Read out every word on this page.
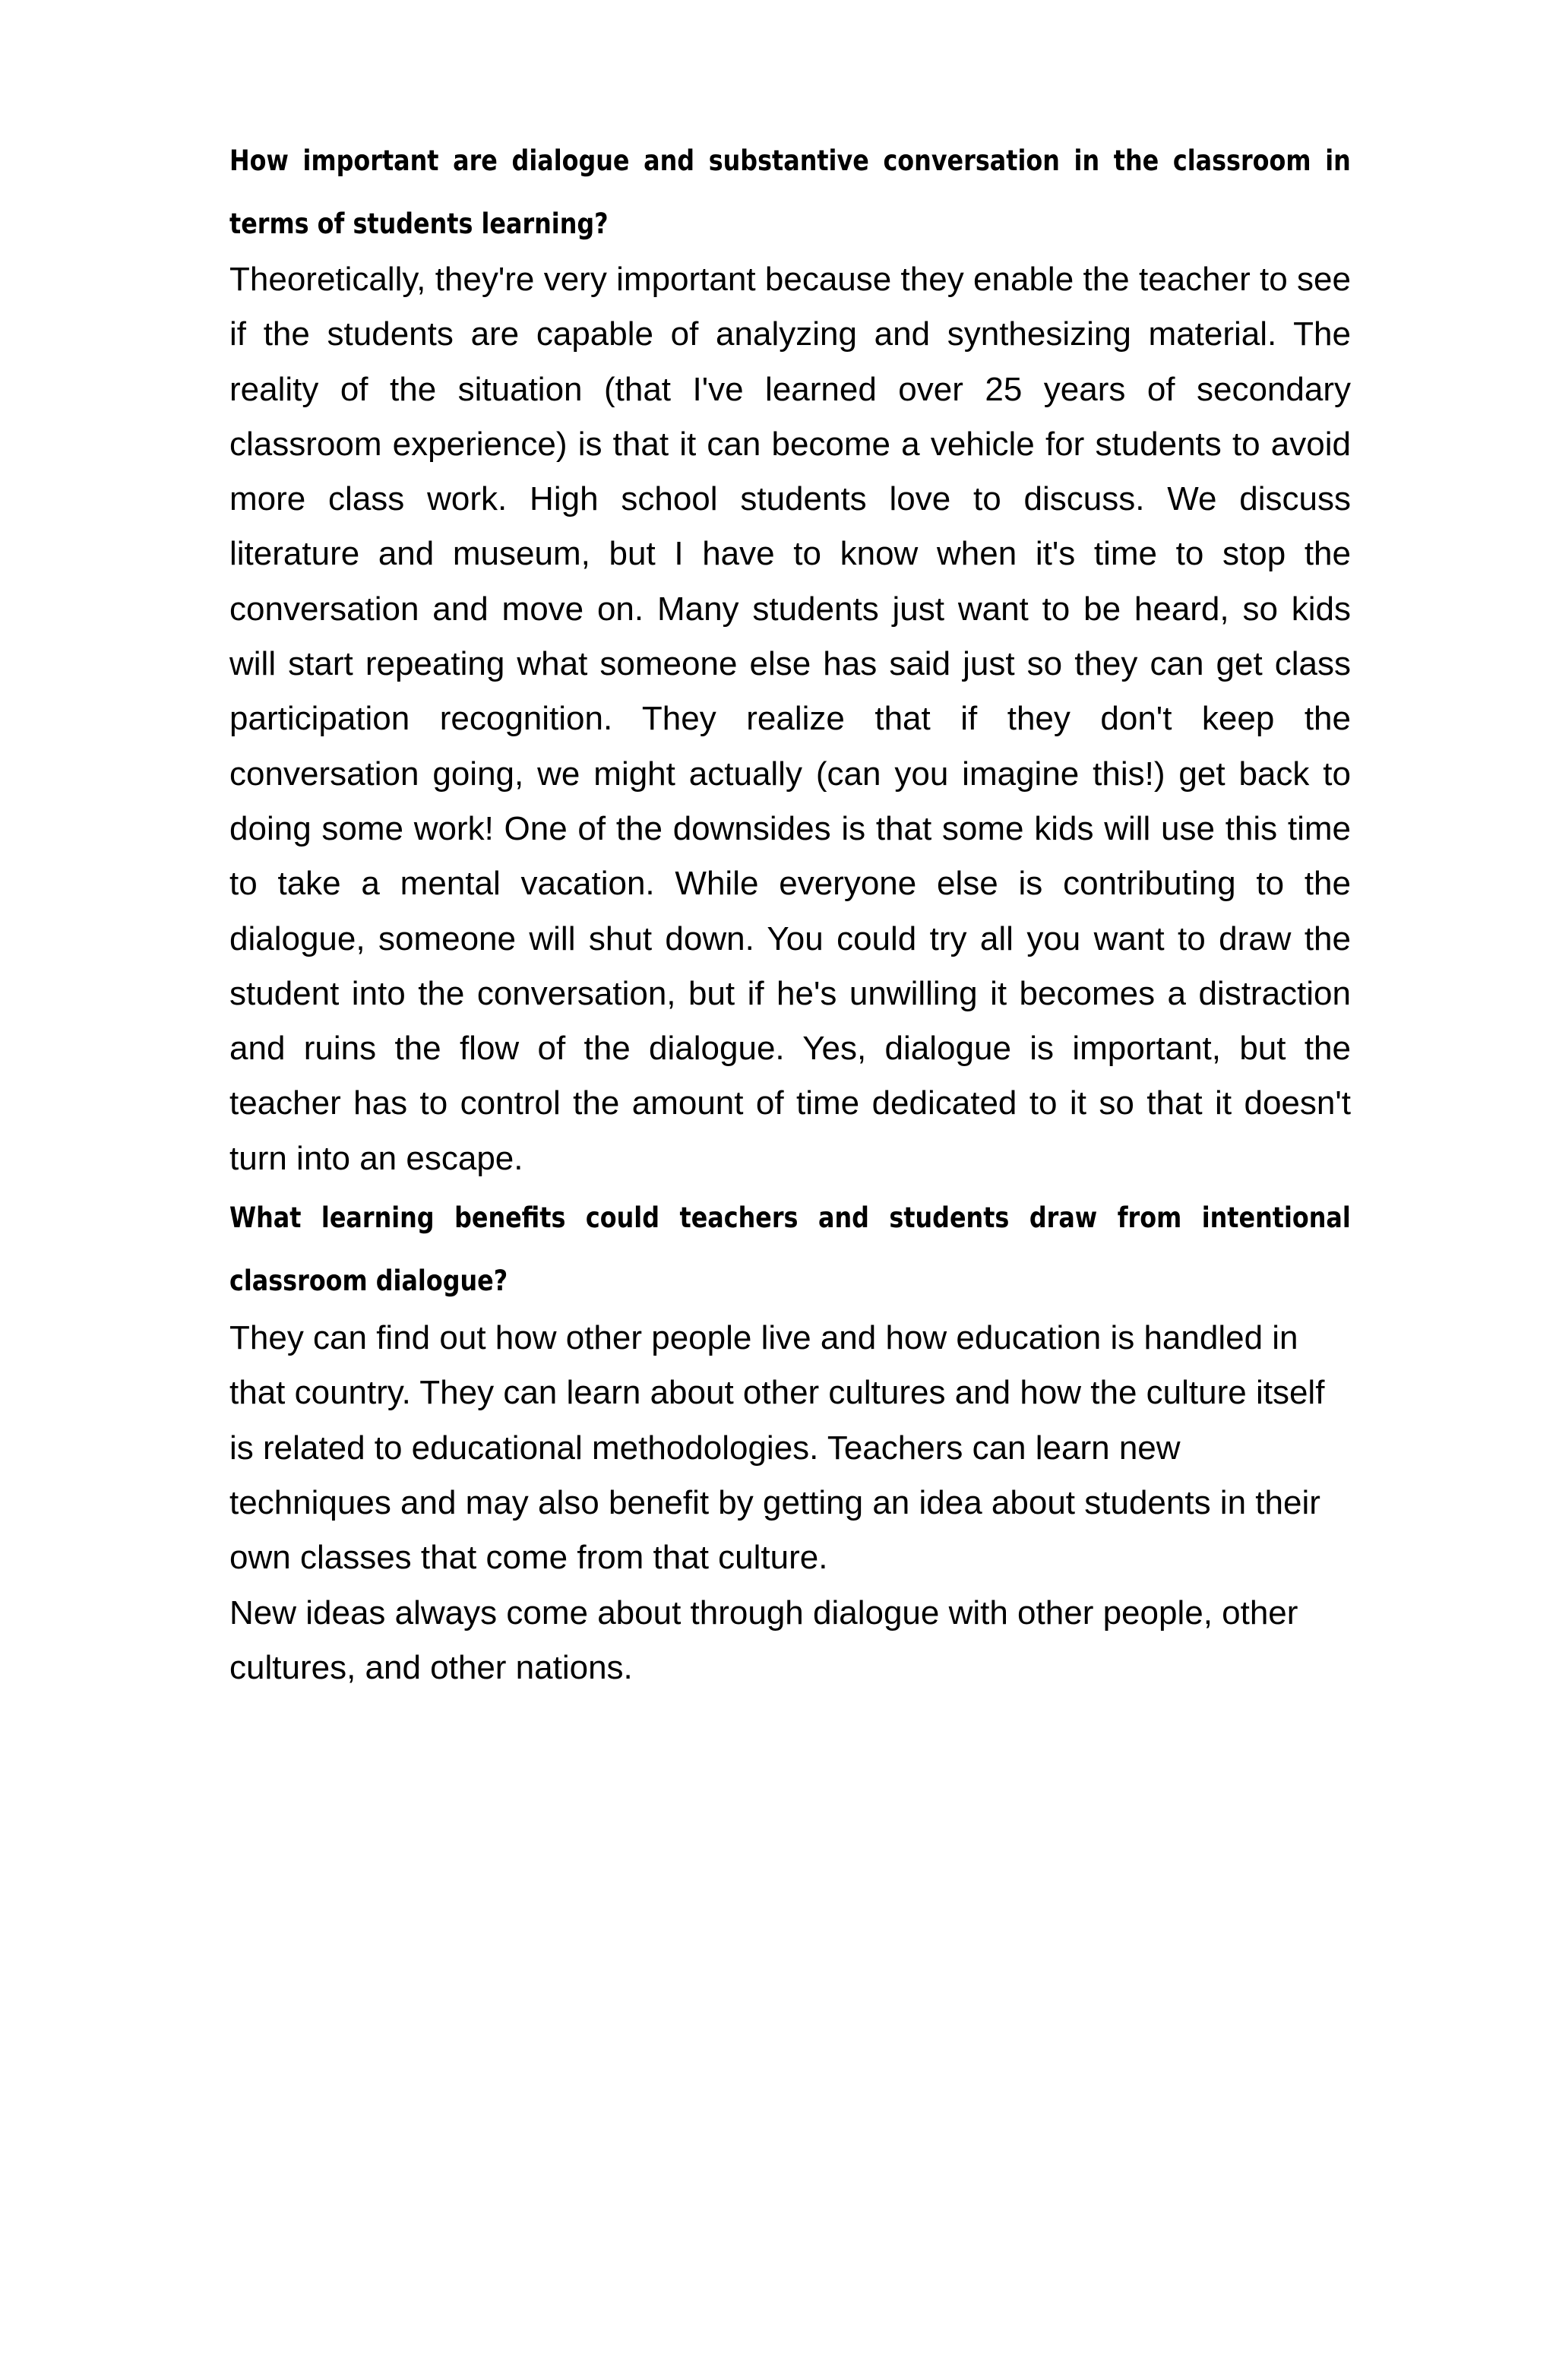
How important are dialogue and substantive conversation in the classroom in terms of students learning?

Theoretically, they're very important because they enable the teacher to see if the students are capable of analyzing and synthesizing material. The reality of the situation (that I've learned over 25 years of secondary classroom experience) is that it can become a vehicle for students to avoid more class work. High school students love to discuss. We discuss literature and museum, but I have to know when it's time to stop the conversation and move on. Many students just want to be heard, so kids will start repeating what someone else has said just so they can get class participation recognition. They realize that if they don't keep the conversation going, we might actually (can you imagine this!) get back to doing some work! One of the downsides is that some kids will use this time to take a mental vacation. While everyone else is contributing to the dialogue, someone will shut down. You could try all you want to draw the student into the conversation, but if he's unwilling it becomes a distraction and ruins the flow of the dialogue. Yes, dialogue is important, but the teacher has to control the amount of time dedicated to it so that it doesn't turn into an escape.

What learning benefits could teachers and students draw from intentional classroom dialogue?

They can find out how other people live and how education is handled in that country. They can learn about other cultures and how the culture itself is related to educational methodologies. Teachers can learn new techniques and may also benefit by getting an idea about students in their own classes that come from that culture.

New ideas always come about through dialogue with other people, other cultures, and other nations.
